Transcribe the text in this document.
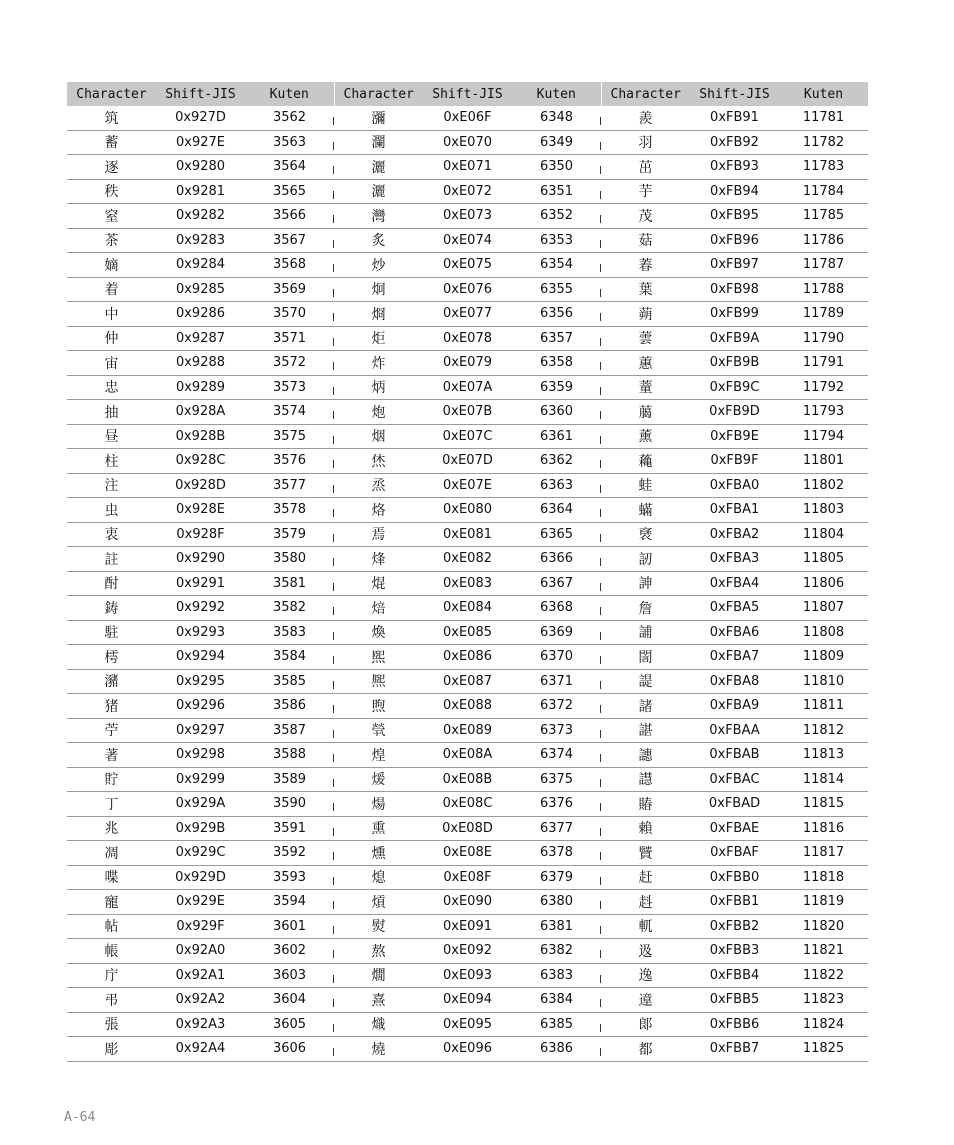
Character	Shift-JIS	Kuten	Character	Shift-JIS	Kuten	Character	Shift-JIS	Kuten
筑	0x927D	3562	瀰	0xE06F	6348	羨	0xFB91	11781
蓄	0x927E	3563	瀾	0xE070	6349	羽	0xFB92	11782
逐	0x9280	3564	灑	0xE071	6350	茁	0xFB93	11783
秩	0x9281	3565	灑	0xE072	6351	芋	0xFB94	11784
窒	0x9282	3566	灣	0xE073	6352	茂	0xFB95	11785
茶	0x9283	3567	炙	0xE074	6353	菇	0xFB96	11786
嫡	0x9284	3568	炒	0xE075	6354	萶	0xFB97	11787
着	0x9285	3569	炯	0xE076	6355	葉	0xFB98	11788
中	0x9286	3570	烱	0xE077	6356	蒴	0xFB99	11789
仲	0x9287	3571	炬	0xE078	6357	蕓	0xFB9A	11790
宙	0x9288	3572	炸	0xE079	6358	蕙	0xFB9B	11791
忠	0x9289	3573	炳	0xE07A	6359	蕫	0xFB9C	11792
抽	0x928A	3574	炮	0xE07B	6360	﨟	0xFB9D	11793
昼	0x928B	3575	烟	0xE07C	6361	薰	0xFB9E	11794
柱	0x928C	3576	烋	0xE07D	6362	蘒	0xFB9F	11801
注	0x928D	3577	烝	0xE07E	6363	蛙	0xFBA0	11802
虫	0x928E	3578	烙	0xE080	6364	蟎	0xFBA1	11803
衷	0x928F	3579	焉	0xE081	6365	褎	0xFBA2	11804
註	0x9290	3580	烽	0xE082	6366	訒	0xFBA3	11805
酎	0x9291	3581	焜	0xE083	6367	訷	0xFBA4	11806
鋳	0x9292	3582	焙	0xE084	6368	詹	0xFBA5	11807
駐	0x9293	3583	煥	0xE085	6369	誧	0xFBA6	11808
樗	0x9294	3584	煕	0xE086	6370	誾	0xFBA7	11809
瀦	0x9295	3585	熈	0xE087	6371	諟	0xFBA8	11810
猪	0x9296	3586	煦	0xE088	6372	諸	0xFBA9	11811
苧	0x9297	3587	煢	0xE089	6373	諶	0xFBAA	11812
著	0x9298	3588	煌	0xE08A	6374	譓	0xFBAB	11813
貯	0x9299	3589	煖	0xE08B	6375	譿	0xFBAC	11814
丁	0x929A	3590	煬	0xE08C	6376	賰	0xFBAD	11815
兆	0x929B	3591	熏	0xE08D	6377	賴	0xFBAE	11816
凋	0x929C	3592	燻	0xE08E	6378	贒	0xFBAF	11817
喋	0x929D	3593	熄	0xE08F	6379	赶	0xFBB0	11818
寵	0x929E	3594	熕	0xE090	6380	﨣	0xFBB1	11819
帖	0x929F	3601	熨	0xE091	6381	軏	0xFBB2	11820
帳	0x92A0	3602	熬	0xE092	6382	﨤	0xFBB3	11821
庁	0x92A1	3603	燗	0xE093	6383	逸	0xFBB4	11822
弔	0x92A2	3604	熹	0xE094	6384	遧	0xFBB5	11823
張	0x92A3	3605	熾	0xE095	6385	郞	0xFBB6	11824
彫	0x92A4	3606	燒	0xE096	6386	都	0xFBB7	11825
A-64
